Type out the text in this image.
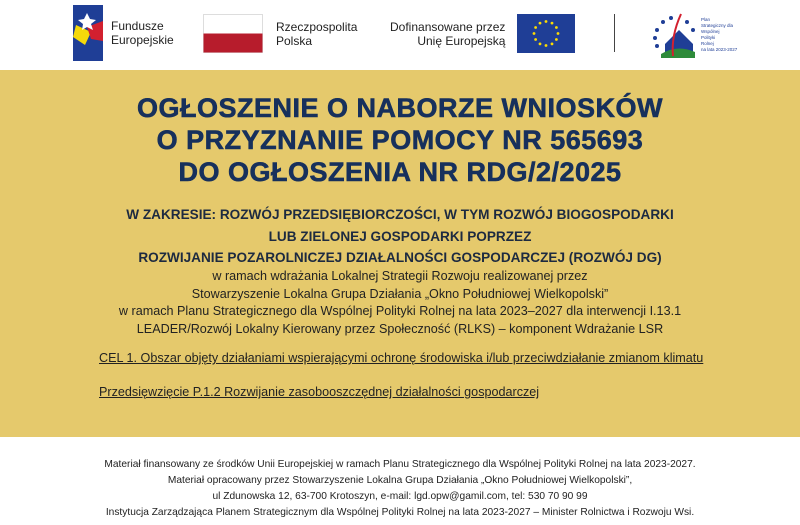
Fundusze
Europejskie
Rzeczpospolita
Polska
Dofinansowane przez
Unię Europejską
Plan
Strategiczny dla
Wspólnej
Polityki
Rolnej
na lata 2023-2027
OGŁOSZENIE O NABORZE WNIOSKÓW
O PRZYZNANIE POMOCY NR 565693
DO OGŁOSZENIA NR RDG/2/2025
W ZAKRESIE: ROZWÓJ PRZEDSIĘBIORCZOŚCI, W TYM ROZWÓJ BIOGOSPODARKI
LUB ZIELONEJ GOSPODARKI POPRZEZ
ROZWIJANIE POZAROLNICZEJ DZIAŁALNOŚCI GOSPODARCZEJ (ROZWÓJ DG)
w ramach wdrażania Lokalnej Strategii Rozwoju realizowanej przez
Stowarzyszenie Lokalna Grupa Działania „Okno Południowej Wielkopolski”
w ramach Planu Strategicznego dla Wspólnej Polityki Rolnej na lata 2023–2027 dla interwencji I.13.1
LEADER/Rozwój Lokalny Kierowany przez Społeczność (RLKS) – komponent Wdrażanie LSR
CEL 1. Obszar objęty działaniami wspierającymi ochronę środowiska i/lub przeciwdziałanie zmianom klimatu
Przedsięwzięcie P.1.2 Rozwijanie zasobooszczędnej działalności gospodarczej
Materiał finansowany ze środków Unii Europejskiej w ramach Planu Strategicznego dla Wspólnej Polityki Rolnej na lata 2023-2027.
Materiał opracowany przez Stowarzyszenie Lokalna Grupa Działania „Okno Południowej Wielkopolski”,
ul Zdunowska 12, 63-700 Krotoszyn, e-mail: lgd.opw@gamil.com, tel: 530 70 90 99
Instytucja Zarządzająca Planem Strategicznym dla Wspólnej Polityki Rolnej na lata 2023-2027 – Minister Rolnictwa i Rozwoju Wsi.
